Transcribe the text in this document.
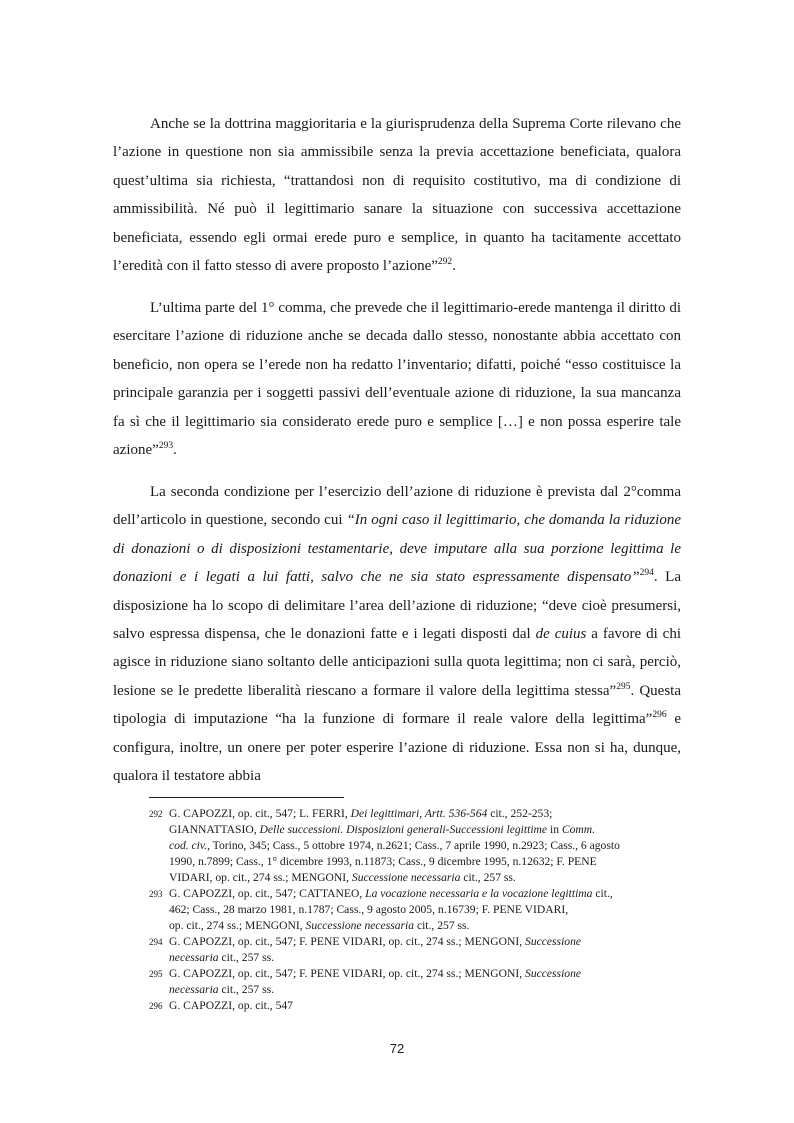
Anche se la dottrina maggioritaria e la giurisprudenza della Suprema Corte rilevano che l’azione in questione non sia ammissibile senza la previa accettazione beneficiata, qualora quest’ultima sia richiesta, “trattandosi non di requisito costitutivo, ma di condizione di ammissibilità. Né può il legittimario sanare la situazione con successiva accettazione beneficiata, essendo egli ormai erede puro e semplice, in quanto ha tacitamente accettato l’eredità con il fatto stesso di avere proposto l’azione”$^{292}$.

L’ultima parte del 1° comma, che prevede che il legittimario-erede mantenga il diritto di esercitare l’azione di riduzione anche se decada dallo stesso, nonostante abbia accettato con beneficio, non opera se l’erede non ha redatto l’inventario; difatti, poiché “esso costituisce la principale garanzia per i soggetti passivi dell’eventuale azione di riduzione, la sua mancanza fa sì che il legittimario sia considerato erede puro e semplice […] e non possa esperire tale azione”$^{293}$.

La seconda condizione per l’esercizio dell’azione di riduzione è prevista dal 2°comma dell’articolo in questione, secondo cui “In ogni caso il legittimario, che domanda la riduzione di donazioni o di disposizioni testamentarie, deve imputare alla sua porzione legittima le donazioni e i legati a lui fatti, salvo che ne sia stato espressamente dispensato”$^{294}$. La disposizione ha lo scopo di delimitare l’area dell’azione di riduzione; “deve cioè presumersi, salvo espressa dispensa, che le donazioni fatte e i legati disposti dal de cuius a favore di chi agisce in riduzione siano soltanto delle anticipazioni sulla quota legittima; non ci sarà, perciò, lesione se le predette liberalità riescano a formare il valore della legittima stessa”$^{295}$. Questa tipologia di imputazione “ha la funzione di formare il reale valore della legittima”$^{296}$ e configura, inoltre, un onere per poter esperire l’azione di riduzione. Essa non si ha, dunque, qualora il testatore abbia

292 G. CAPOZZI, op. cit., 547; L. FERRI, Dei legittimari, Artt. 536-564 cit., 252-253;
GIANNATTASIO, Delle successioni. Disposizioni generali-Successioni legittime in Comm.
cod. civ., Torino, 345; Cass., 5 ottobre 1974, n.2621; Cass., 7 aprile 1990, n.2923; Cass., 6 agosto
1990, n.7899; Cass., 1° dicembre 1993, n.11873; Cass., 9 dicembre 1995, n.12632; F. PENE
VIDARI, op. cit., 274 ss.; MENGONI, Successione necessaria cit., 257 ss.
293 G. CAPOZZI, op. cit., 547; CATTANEO, La vocazione necessaria e la vocazione legittima cit.,
462; Cass., 28 marzo 1981, n.1787; Cass., 9 agosto 2005, n.16739; F. PENE VIDARI,
op. cit., 274 ss.; MENGONI, Successione necessaria cit., 257 ss.
294 G. CAPOZZI, op. cit., 547; F. PENE VIDARI, op. cit., 274 ss.; MENGONI, Successione
necessaria cit., 257 ss.
295 G. CAPOZZI, op. cit., 547; F. PENE VIDARI, op. cit., 274 ss.; MENGONI, Successione
necessaria cit., 257 ss.
296 G. CAPOZZI, op. cit., 547
72
